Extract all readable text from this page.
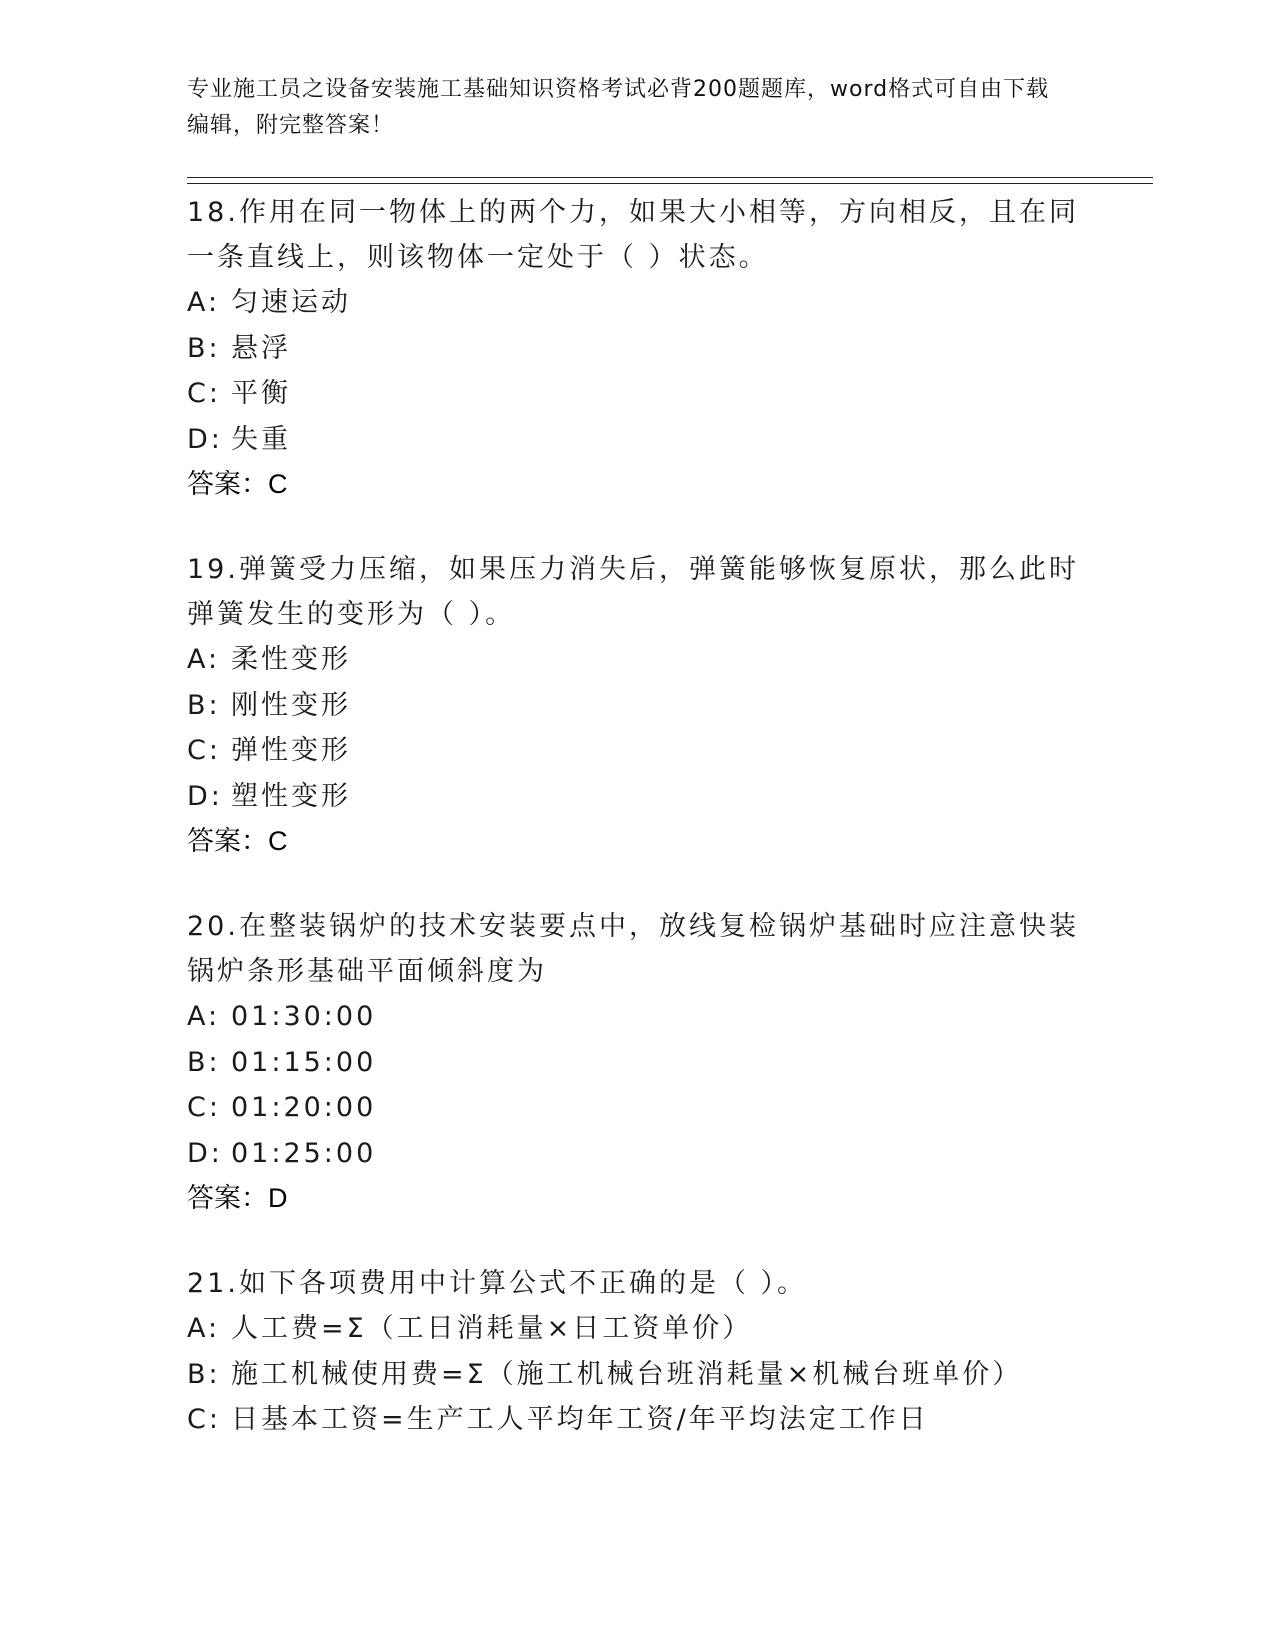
专业施工员之设备安装施工基础知识资格考试必背200题题库，word格式可自由下载编辑，附完整答案！
18.作用在同一物体上的两个力，如果大小相等，方向相反，且在同一条直线上，则该物体一定处于（ ）状态。
A: 匀速运动
B: 悬浮
C: 平衡
D: 失重
答案：C
19.弹簧受力压缩，如果压力消失后，弹簧能够恢复原状，那么此时弹簧发生的变形为（ ）。
A: 柔性变形
B: 刚性变形
C: 弹性变形
D: 塑性变形
答案：C
20.在整装锅炉的技术安装要点中，放线复检锅炉基础时应注意快装锅炉条形基础平面倾斜度为
A: 01:30:00
B: 01:15:00
C: 01:20:00
D: 01:25:00
答案：D
21.如下各项费用中计算公式不正确的是（ ）。
A: 人工费=Σ（工日消耗量×日工资单价）
B: 施工机械使用费=Σ（施工机械台班消耗量×机械台班单价）
C: 日基本工资=生产工人平均年工资/年平均法定工作日
